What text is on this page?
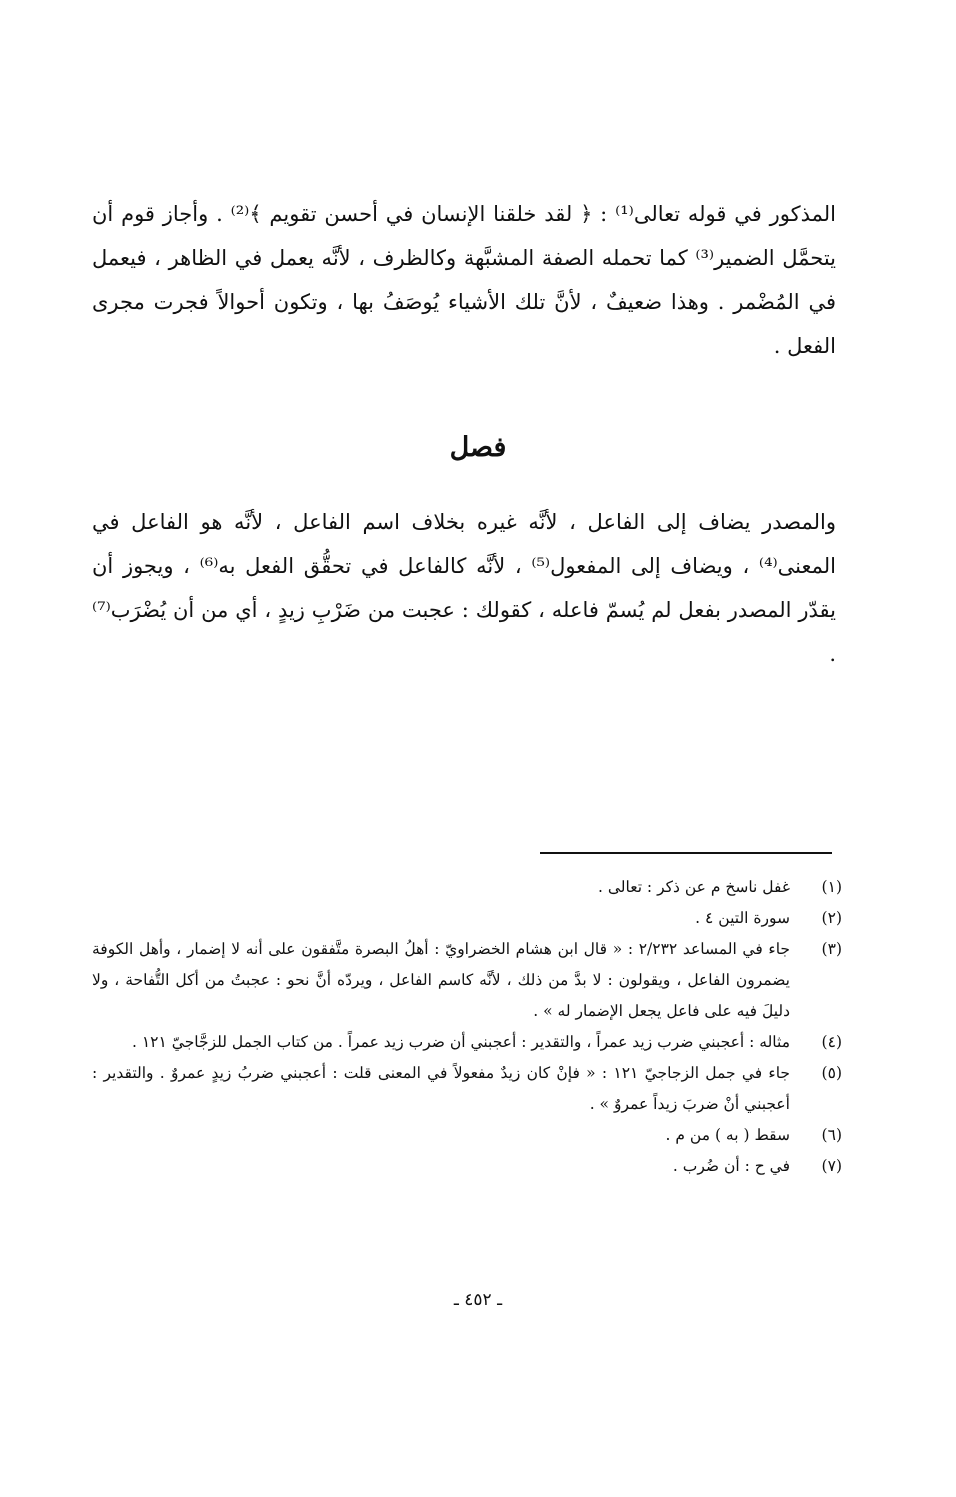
المذكور في قوله تعالى⁽¹⁾ : ﴿ لقد خلقنا الإنسان في أحسن تقويم ﴾⁽²⁾ . وأجاز قوم أن يتحمَّل الضمير⁽³⁾ كما تحمله الصفة المشبَّهة وكالظرف ، لأنَّه يعمل في الظاهر ، فيعمل في المُضْمر . وهذا ضعيفٌ ، لأنَّ تلك الأشياء يُوصَفُ بها ، وتكون أحوالاً فجرت مجرى الفعل .

فصل

والمصدر يضاف إلى الفاعل ، لأنَّه غيره بخلاف اسم الفاعل ، لأنَّه هو الفاعل في المعنى⁽⁴⁾ ، ويضاف إلى المفعول⁽⁵⁾ ، لأنَّه كالفاعل في تحقُّق الفعل به⁽⁶⁾ ، ويجوز أن يقدّر المصدر بفعل لم يُسمّ فاعله ، كقولك : عجبت من ضَرْبِ زيدٍ ، أي من أن يُضْرَب⁽⁷⁾ .

(١)
غفل ناسخ م عن ذكر : تعالى .
(٢)
سورة التين ٤ .
(٣)
جاء في المساعد ٢/٢٣٢ : « قال ابن هشام الخضراويّ : أهلُ البصرة متَّفقون على أنه لا إضمار ، وأهل الكوفة يضمرون الفاعل ، ويقولون : لا بدَّ من ذلك ، لأنَّه كاسم الفاعل ، ويردّه أنَّ نحو : عجبتُ من أكل التُّفاحة ، ولا دليلَ فيه على فاعل يجعل الإضمار له » .
(٤)
مثاله : أعجبني ضرب زيد عمراً ، والتقدير : أعجبني أن ضرب زيد عمراً . من كتاب الجمل للزجَّاجيّ ١٢١ .
(٥)
جاء في جمل الزجاجيّ ١٢١ : « فإنْ كان زيدٌ مفعولاً في المعنى قلت : أعجبني ضربُ زيدٍ عمروٌ . والتقدير : أعجبني أنْ ضربَ زيداً عمروٌ » .
(٦)
سقط ( به ) من م .
(٧)
في ح : أن ضُرب .
ـ ٤٥٢ ـ
